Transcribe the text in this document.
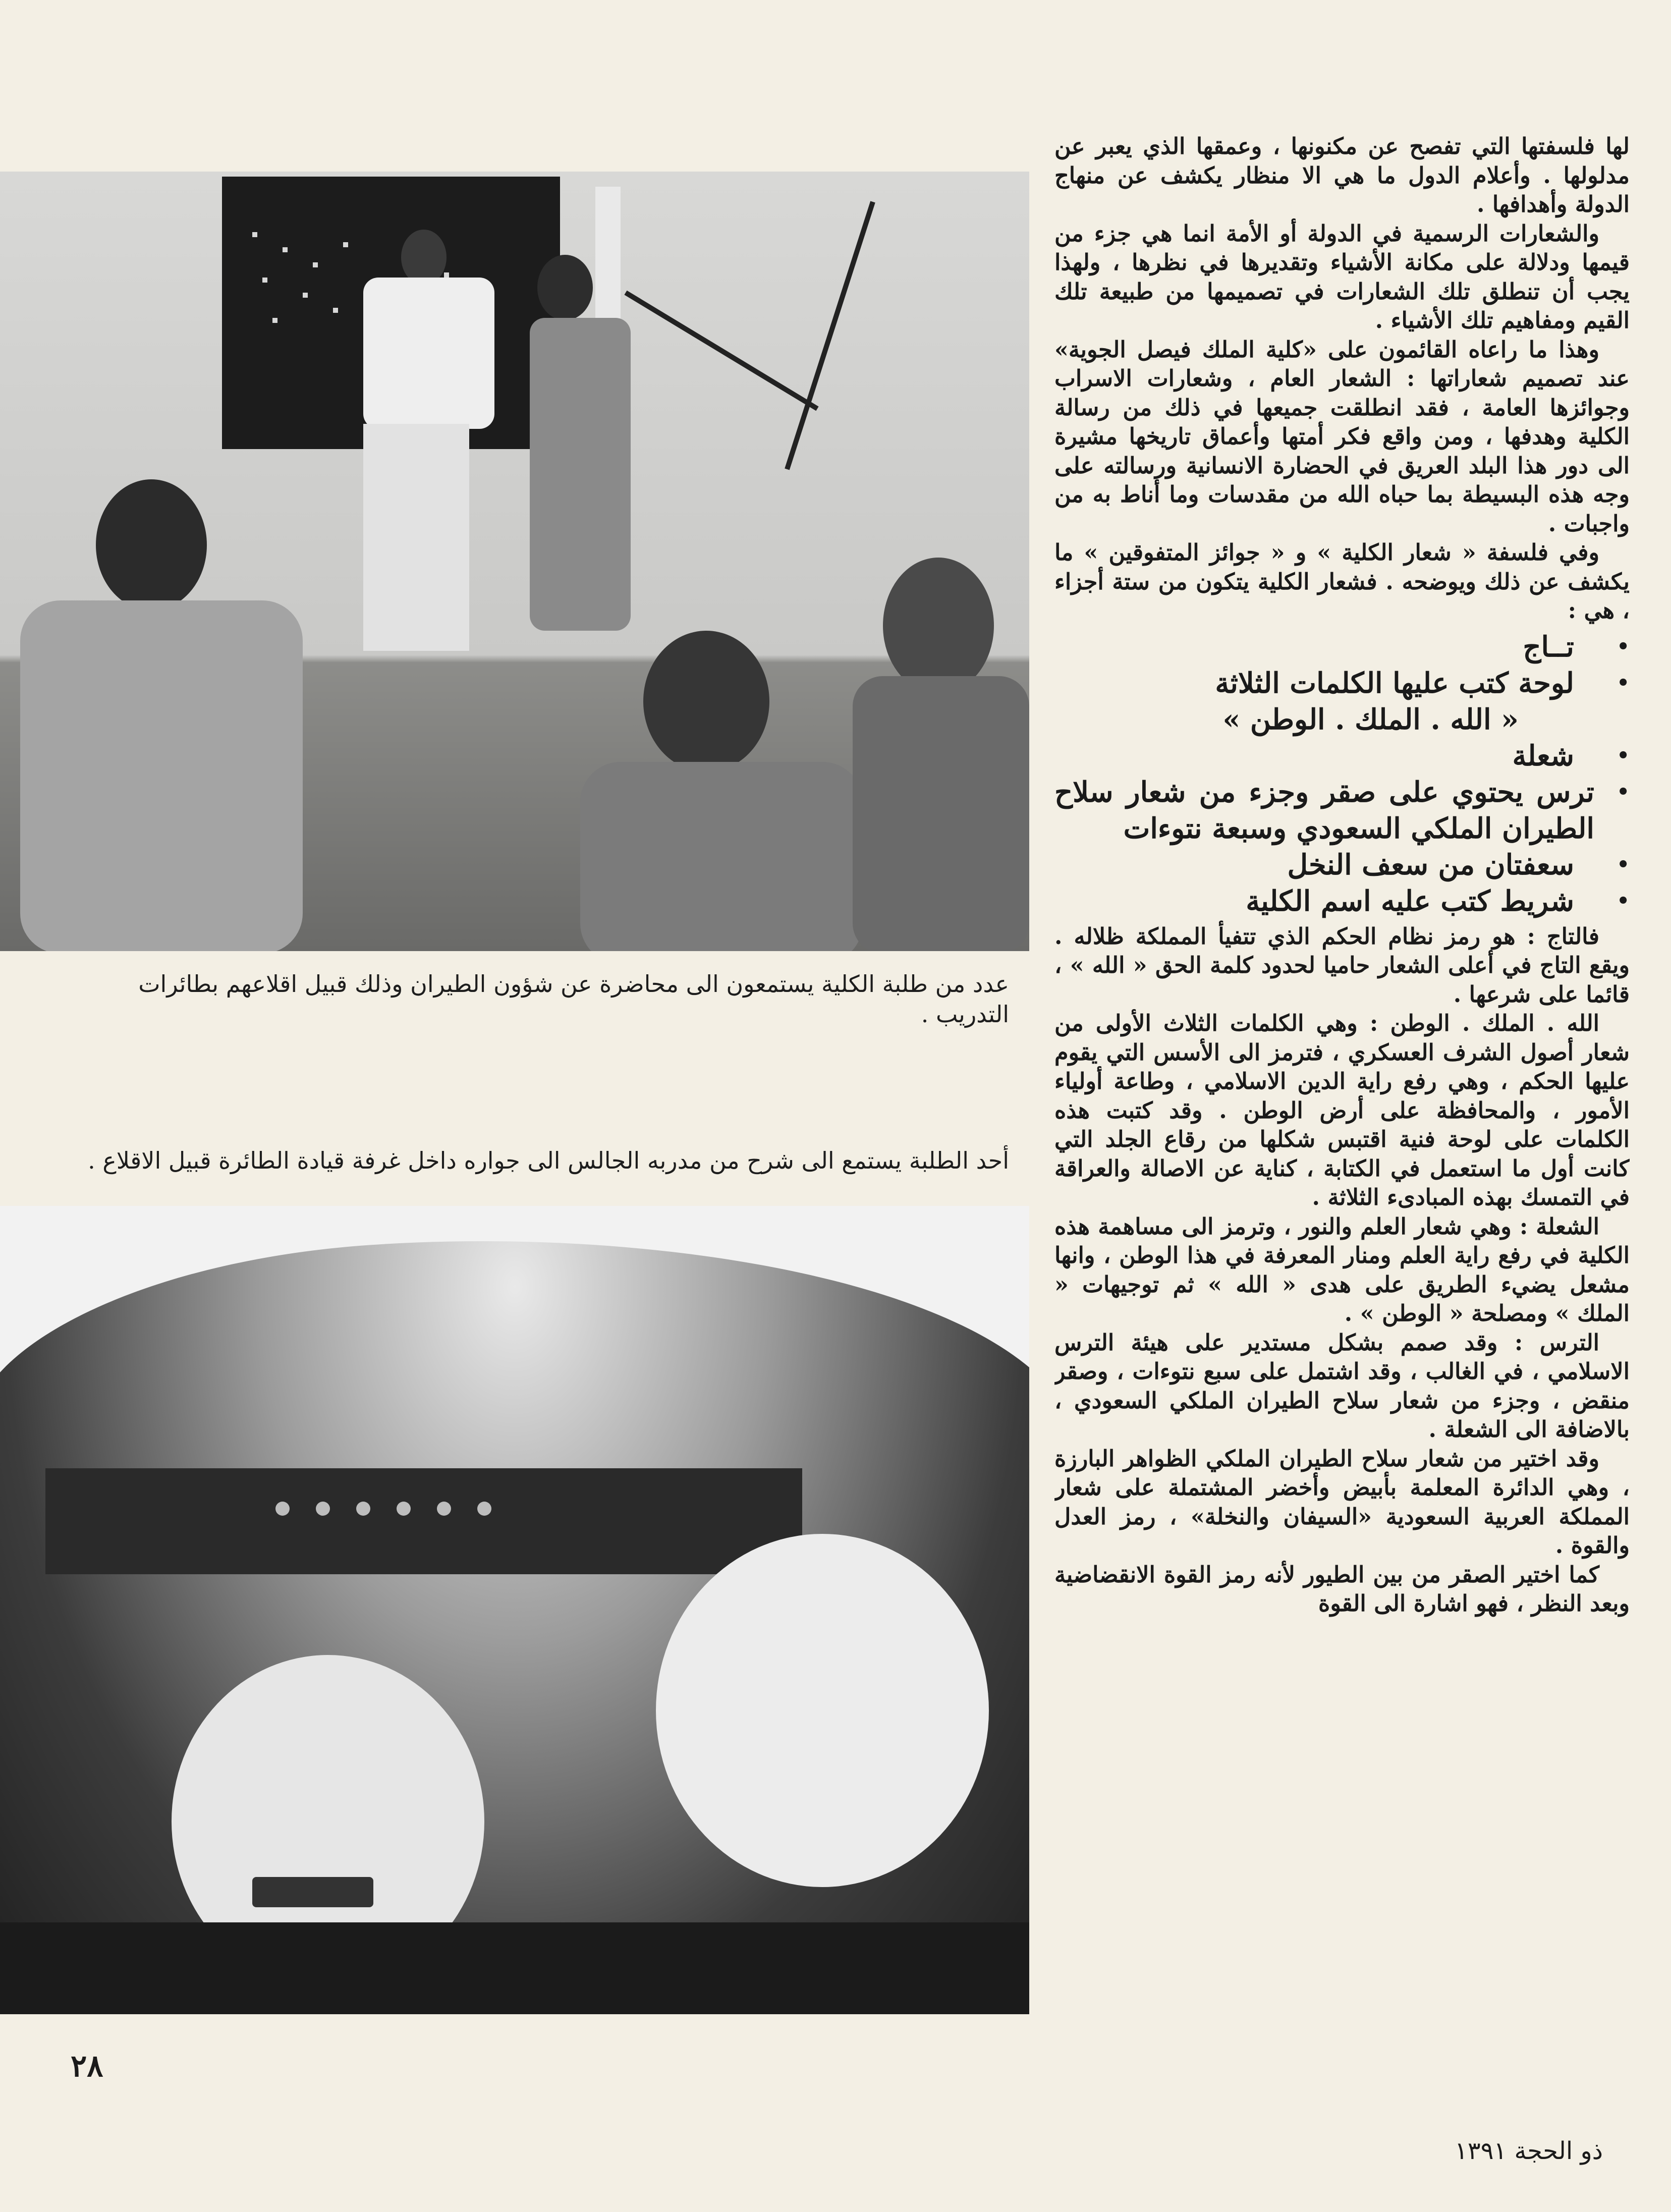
عدد من طلبة الكلية يستمعون الى محاضرة عن شؤون الطيران وذلك قبيل اقلاعهم بطائرات التدريب .
أحد الطلبة يستمع الى شرح من مدربه الجالس الى جواره داخل غرفة قيادة الطائرة قبيل الاقلاع .

لها فلسفتها التي تفصح عن مكنونها ، وعمقها الذي يعبر عن مدلولها . وأعلام الدول ما هي الا منظار يكشف عن منهاج الدولة وأهدافها .

والشعارات الرسمية في الدولة أو الأمة انما هي جزء من قيمها ودلالة على مكانة الأشياء وتقديرها في نظرها ، ولهذا يجب أن تنطلق تلك الشعارات في تصميمها من طبيعة تلك القيم ومفاهيم تلك الأشياء .

وهذا ما راعاه القائمون على «كلية الملك فيصل الجوية» عند تصميم شعاراتها : الشعار العام ، وشعارات الاسراب وجوائزها العامة ، فقد انطلقت جميعها في ذلك من رسالة الكلية وهدفها ، ومن واقع فكر أمتها وأعماق تاريخها مشيرة الى دور هذا البلد العريق في الحضارة الانسانية ورسالته على وجه هذه البسيطة بما حباه الله من مقدسات وما أناط به من واجبات .

وفي فلسفة « شعار الكلية » و « جوائز المتفوقين » ما يكشف عن ذلك ويوضحه . فشعار الكلية يتكون من ستة أجزاء ، هي :

•
تــاج
•
لوحة كتب عليها الكلمات الثلاثة
« الله . الملك . الوطن »
•
شعلة
•
ترس يحتوي على صقر وجزء من شعار سلاح الطيران الملكي السعودي وسبعة نتوءات
•
سعفتان من سعف النخل
•
شريط كتب عليه اسم الكلية

فالتاج : هو رمز نظام الحكم الذي تتفيأ المملكة ظلاله . ويقع التاج في أعلى الشعار حاميا لحدود كلمة الحق « الله » ، قائما على شرعها .

الله . الملك . الوطن : وهي الكلمات الثلاث الأولى من شعار أصول الشرف العسكري ، فترمز الى الأسس التي يقوم عليها الحكم ، وهي رفع راية الدين الاسلامي ، وطاعة أولياء الأمور ، والمحافظة على أرض الوطن . وقد كتبت هذه الكلمات على لوحة فنية اقتبس شكلها من رقاع الجلد التي كانت أول ما استعمل في الكتابة ، كناية عن الاصالة والعراقة في التمسك بهذه المبادىء الثلاثة .

الشعلة : وهي شعار العلم والنور ، وترمز الى مساهمة هذه الكلية في رفع راية العلم ومنار المعرفة في هذا الوطن ، وانها مشعل يضيء الطريق على هدى « الله » ثم توجيهات « الملك » ومصلحة « الوطن » .

الترس : وقد صمم بشكل مستدير على هيئة الترس الاسلامي ، في الغالب ، وقد اشتمل على سبع نتوءات ، وصقر منقض ، وجزء من شعار سلاح الطيران الملكي السعودي ، بالاضافة الى الشعلة .

وقد اختير من شعار سلاح الطيران الملكي الظواهر البارزة ، وهي الدائرة المعلمة بأبيض وأخضر المشتملة على شعار المملكة العربية السعودية «السيفان والنخلة» ، رمز العدل والقوة .

كما اختير الصقر من بين الطيور لأنه رمز القوة الانقضاضية وبعد النظر ، فهو اشارة الى القوة

٢٨
ذو الحجة ١٣٩١
